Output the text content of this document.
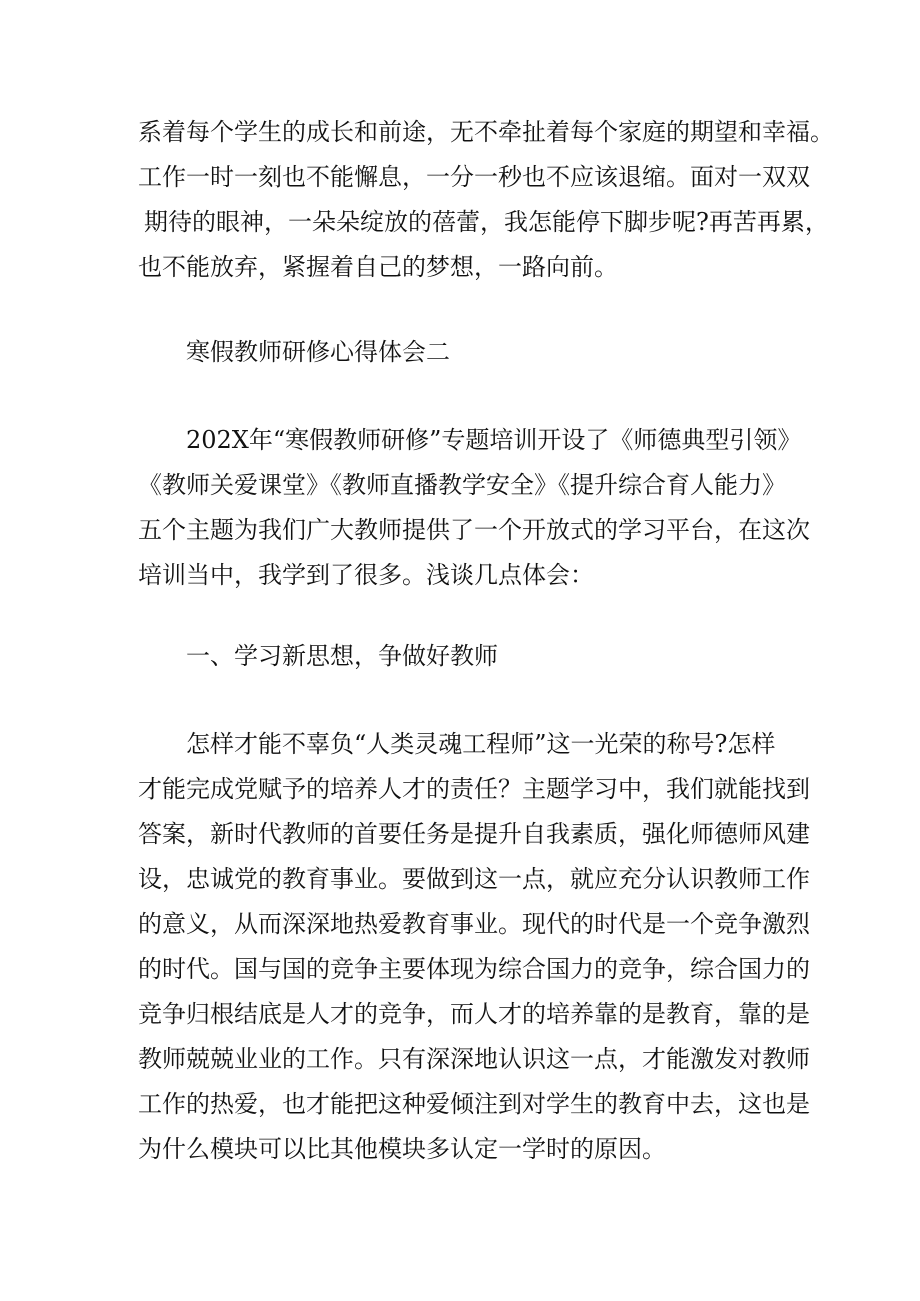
系着每个学生的成长和前途，无不牵扯着每个家庭的期望和幸福。
工作一时一刻也不能懈息，一分一秒也不应该退缩。面对一双双
期待的眼神，一朵朵绽放的蓓蕾，我怎能停下脚步呢?再苦再累，
也不能放弃，紧握着自己的梦想，一路向前。
寒假教师研修心得体会二
202X年“寒假教师研修”专题培训开设了《师德典型引领》
《教师关爱课堂》《教师直播教学安全》《提升综合育人能力》
五个主题为我们广大教师提供了一个开放式的学习平台，在这次
培训当中，我学到了很多。浅谈几点体会：
一、学习新思想，争做好教师
怎样才能不辜负“人类灵魂工程师”这一光荣的称号?怎样
才能完成党赋予的培养人才的责任？主题学习中，我们就能找到
答案，新时代教师的首要任务是提升自我素质，强化师德师风建
设，忠诚党的教育事业。要做到这一点，就应充分认识教师工作
的意义，从而深深地热爱教育事业。现代的时代是一个竞争激烈
的时代。国与国的竞争主要体现为综合国力的竞争，综合国力的
竞争归根结底是人才的竞争，而人才的培养靠的是教育，靠的是
教师兢兢业业的工作。只有深深地认识这一点，才能激发对教师
工作的热爱，也才能把这种爱倾注到对学生的教育中去，这也是
为什么模块可以比其他模块多认定一学时的原因。
